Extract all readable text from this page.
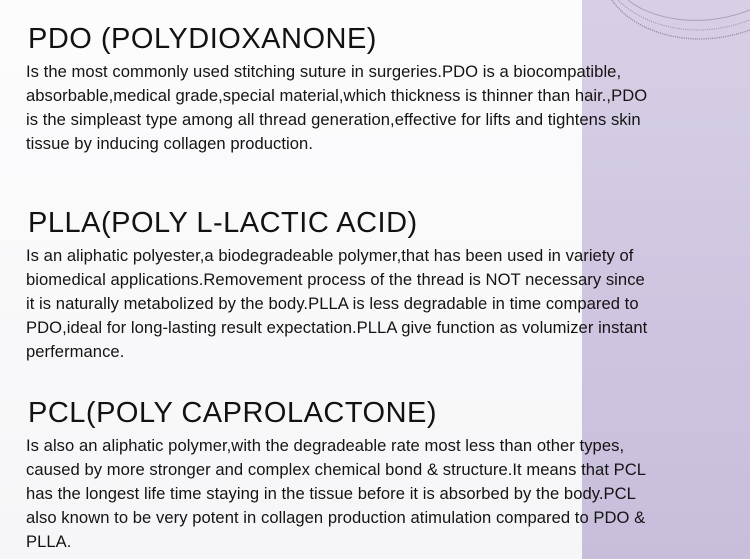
PDO (POLYDIOXANONE)
Is the most commonly used stitching suture in surgeries.PDO is a biocompatible,
absorbable,medical grade,special material,which thickness is thinner than hair.,PDO
is the simpleast type among all thread generation,effective for lifts and tightens skin
tissue by inducing collagen production.
PLLA(POLY L-LACTIC ACID)
Is an aliphatic polyester,a biodegradeable polymer,that has been used in variety of
biomedical applications.Removement process of the thread is NOT necessary since
it is naturally metabolized by the body.PLLA is less degradable in time compared to
PDO,ideal for long-lasting result expectation.PLLA give function as volumizer instant
perfermance.
PCL(POLY CAPROLACTONE)
Is also an aliphatic polymer,with the degradeable rate most less than other types,
caused by more stronger and complex chemical bond & structure.It means that PCL
has the longest life time staying in the tissue before it is absorbed by the body.PCL
also known to be very potent in collagen production atimulation compared to PDO &
PLLA.
